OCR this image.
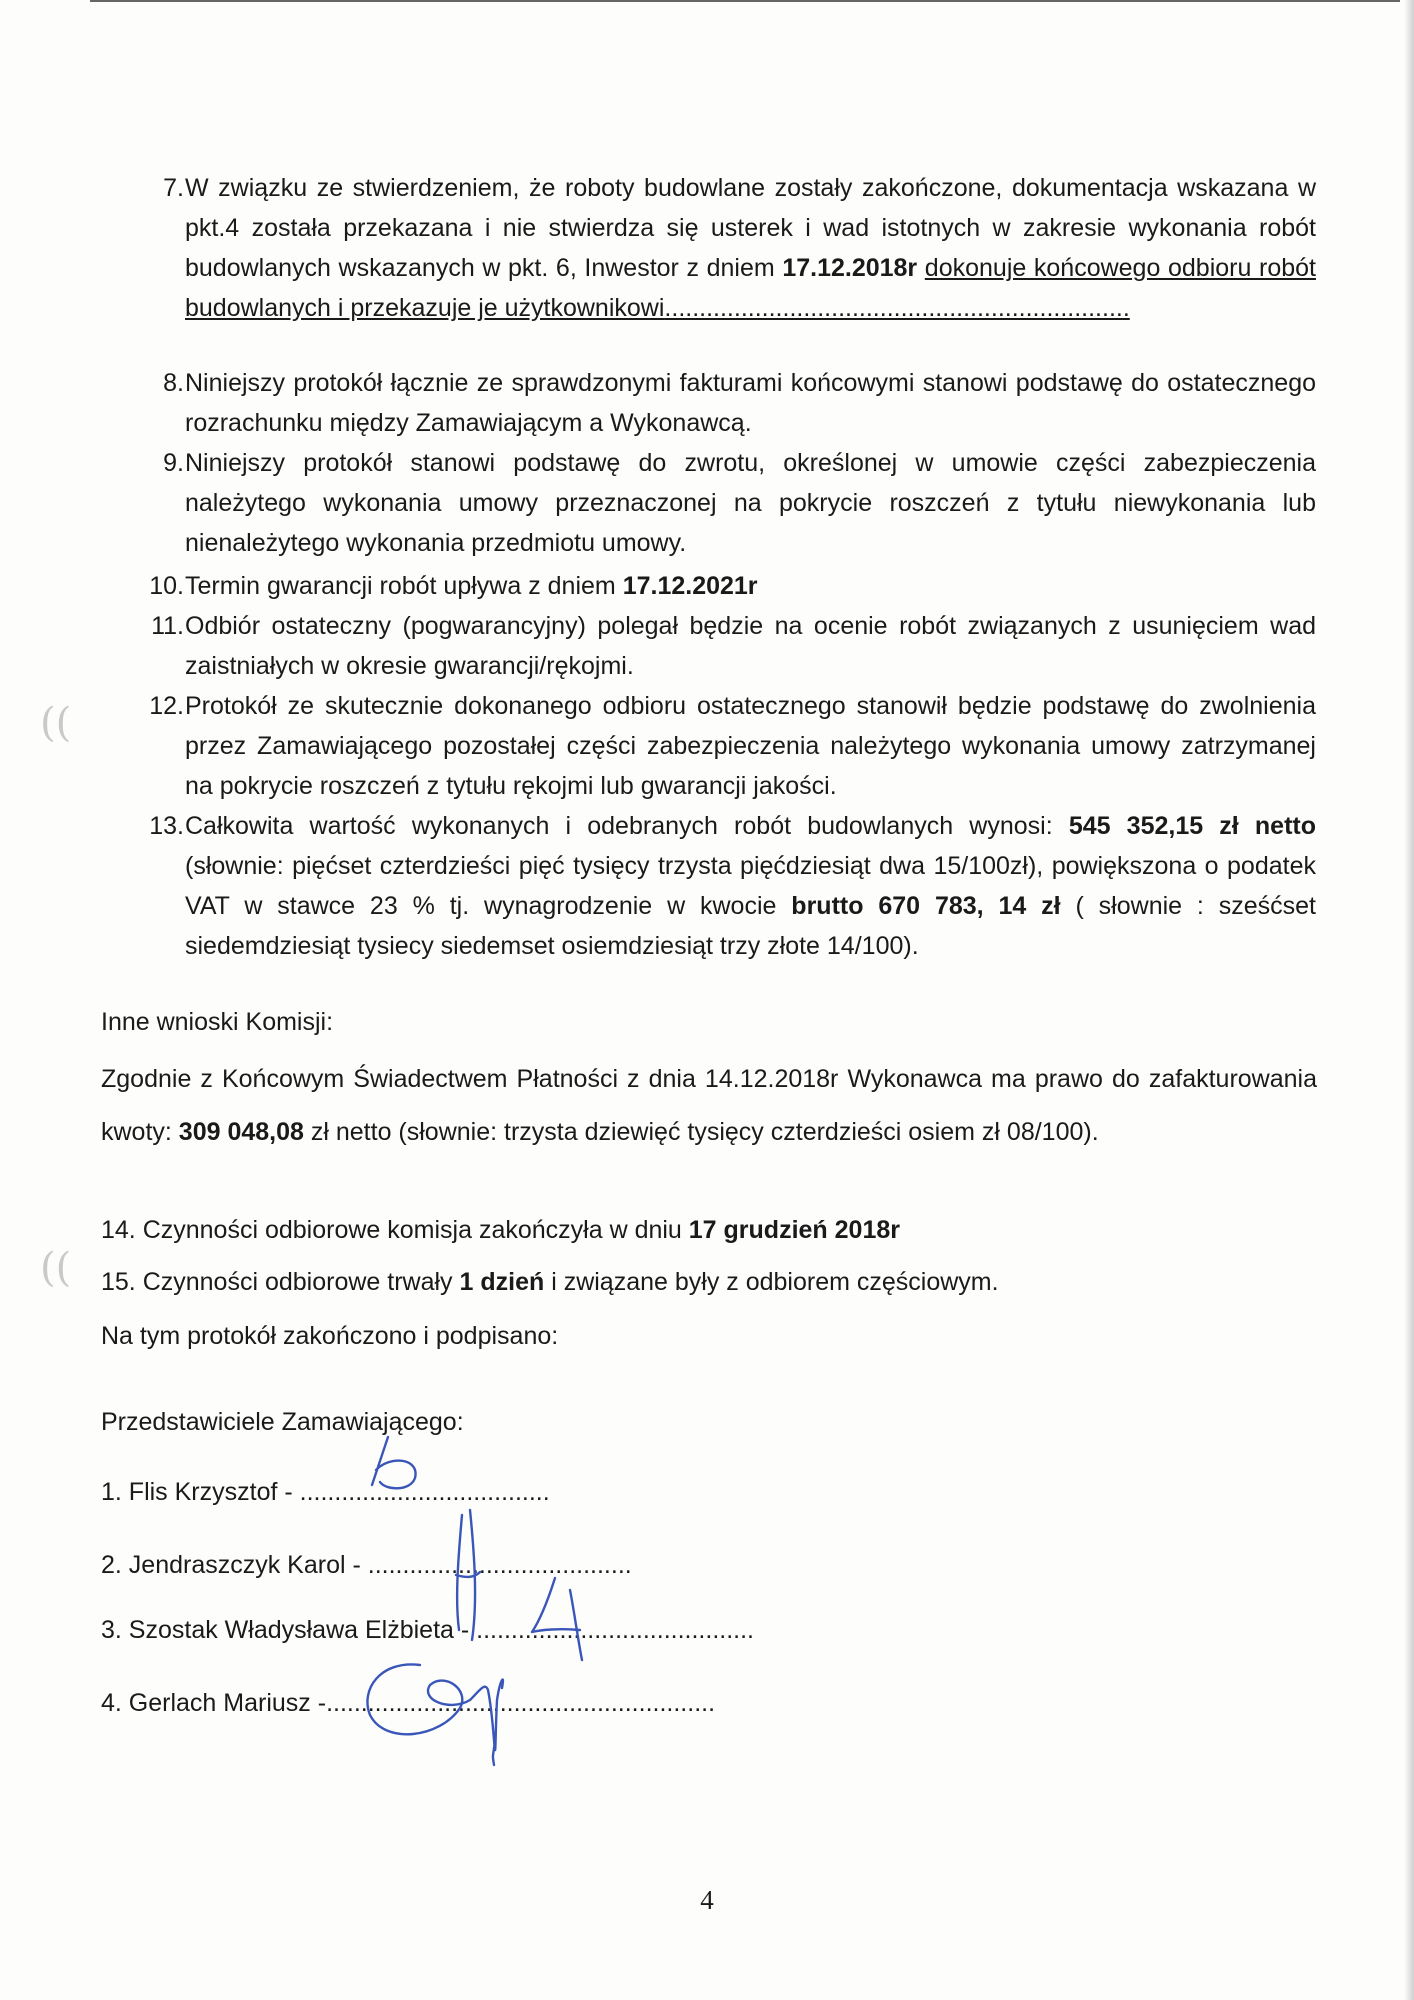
((
((
7. W związku ze stwierdzeniem, że roboty budowlane zostały zakończone, dokumentacja wskazana w pkt.4 została przekazana i nie stwierdza się usterek i wad istotnych w zakresie wykonania robót budowlanych wskazanych w pkt. 6, Inwestor z dniem 17.12.2018r dokonuje końcowego odbioru robót budowlanych i przekazuje je użytkownikowi...................................................................
8. Niniejszy protokół łącznie ze sprawdzonymi fakturami końcowymi stanowi podstawę do ostatecznego rozrachunku między Zamawiającym a Wykonawcą.
9. Niniejszy protokół stanowi podstawę do zwrotu, określonej w umowie części zabezpieczenia należytego wykonania umowy przeznaczonej na pokrycie roszczeń z tytułu niewykonania lub nienależytego wykonania przedmiotu umowy.
10. Termin gwarancji robót upływa z dniem 17.12.2021r
11. Odbiór ostateczny (pogwarancyjny) polegał będzie na ocenie robót związanych z usunięciem wad zaistniałych w okresie gwarancji/rękojmi.
12. Protokół ze skutecznie dokonanego odbioru ostatecznego stanowił będzie podstawę do zwolnienia przez Zamawiającego pozostałej części zabezpieczenia należytego wykonania umowy zatrzymanej na pokrycie roszczeń z tytułu rękojmi lub gwarancji jakości.
13. Całkowita wartość wykonanych i odebranych robót budowlanych wynosi: 545 352,15 zł netto (słownie: pięćset czterdzieści pięć tysięcy trzysta pięćdziesiąt dwa 15/100zł), powiększona o podatek VAT w stawce 23 % tj. wynagrodzenie w kwocie brutto 670 783, 14 zł ( słownie : sześćset siedemdziesiąt tysiecy siedemset osiemdziesiąt trzy złote 14/100).
Inne wnioski Komisji:
Zgodnie z Końcowym Świadectwem Płatności z dnia 14.12.2018r Wykonawca ma prawo do zafakturowania kwoty: 309 048,08 zł netto (słownie: trzysta dziewięć tysięcy czterdzieści osiem zł 08/100).
14. Czynności odbiorowe komisja zakończyła w dniu 17 grudzień 2018r
15. Czynności odbiorowe trwały 1 dzień i związane były z odbiorem częściowym.
Na tym protokół zakończono i podpisano:
Przedstawiciele Zamawiającego:
1. Flis Krzysztof - ....................................
2. Jendraszczyk Karol - ......................................
3. Szostak Władysława Elżbieta - ........................................
4. Gerlach Mariusz -........................................................
4
